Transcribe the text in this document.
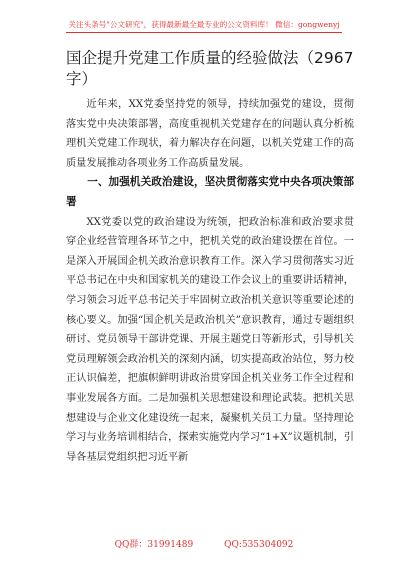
关注头条号"公文研究"，获得最新最全最专业的公文资料库！ 微信：gongwenyj
国企提升党建工作质量的经验做法（2967字）

近年来，XX党委坚持党的领导，持续加强党的建设，贯彻落实党中央决策部署，高度重视机关党建存在的问题认真分析梳理机关党建工作现状，着力解决存在问题，以机关党建工作的高质量发展推动各项业务工作高质量发展。

一、加强机关政治建设，坚决贯彻落实党中央各项决策部署

XX党委以党的政治建设为统领，把政治标准和政治要求贯穿企业经营管理各环节之中，把机关党的政治建设摆在首位。一是深入开展国企机关政治意识教育工作。深入学习贯彻落实习近平总书记在中央和国家机关的建设工作会议上的重要讲话精神，学习领会习近平总书记关于牢固树立政治机关意识等重要论述的核心要义。加强“国企机关是政治机关”意识教育，通过专题组织研讨、党员领导干部讲党课、开展主题党日等新形式，引导机关党员理解领会政治机关的深刻内涵，切实提高政治站位，努力校正认识偏差，把旗帜鲜明讲政治贯穿国企机关业务工作全过程和事业发展各方面。二是加强机关思想建设和理论武装。把机关思想建设与企业文化建设统一起来，凝聚机关员工力量。坚持理论学习与业务培训相结合，探索实施党内学习“1+X”议题机制，引导各基层党组织把习近平新

QQ群：31991489	QQ:535304092
